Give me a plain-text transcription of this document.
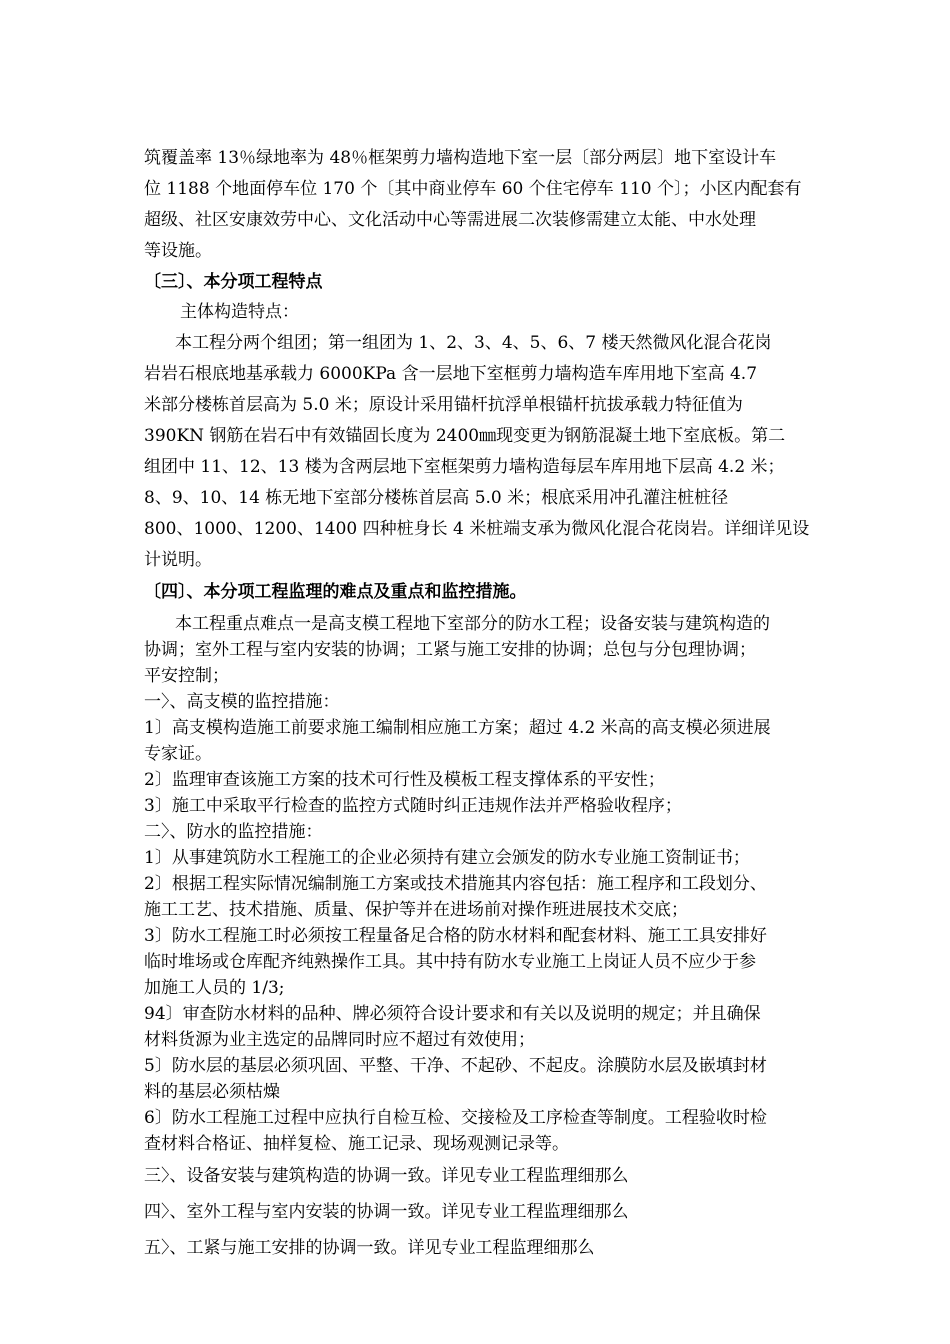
筑覆盖率 13％绿地率为 48％框架剪力墙构造地下室一层〔部分两层〕地下室设计车
位 1188 个地面停车位 170 个〔其中商业停车 60 个住宅停车 110 个〕；小区内配套有
超级、社区安康效劳中心、文化活动中心等需进展二次装修需建立太能、中水处理
等设施。
〔三〕、本分项工程特点
主体构造特点：
本工程分两个组团；第一组团为 1、2、3、4、5、6、7 楼天然微风化混合花岗
岩岩石根底地基承载力 6000KPa 含一层地下室框剪力墙构造车库用地下室高 4.7
米部分楼栋首层高为 5.0 米；原设计采用锚杆抗浮单根锚杆抗拔承载力特征值为
390KN 钢筋在岩石中有效锚固长度为 2400㎜现变更为钢筋混凝土地下室底板。第二
组团中 11、12、13 楼为含两层地下室框架剪力墙构造每层车库用地下层高 4.2 米；
8、9、10、14 栋无地下室部分楼栋首层高 5.0 米；根底采用冲孔灌注桩桩径
800、1000、1200、1400 四种桩身长 4 米桩端支承为微风化混合花岗岩。详细详见设
计说明。
〔四〕、本分项工程监理的难点及重点和监控措施。
本工程重点难点一是高支模工程地下室部分的防水工程；设备安装与建筑构造的
协调；室外工程与室内安装的协调；工紧与施工安排的协调；总包与分包理协调；
平安控制；
一〉、高支模的监控措施：
1〕高支模构造施工前要求施工编制相应施工方案；超过 4.2 米高的高支模必须进展
专家证。
2〕监理审查该施工方案的技术可行性及模板工程支撑体系的平安性；
3〕施工中采取平行检查的监控方式随时纠正违规作法并严格验收程序；
二〉、防水的监控措施：
1〕从事建筑防水工程施工的企业必须持有建立会颁发的防水专业施工资制证书；
2〕根据工程实际情况编制施工方案或技术措施其内容包括：施工程序和工段划分、
施工工艺、技术措施、质量、保护等并在进场前对操作班进展技术交底；
3〕防水工程施工时必须按工程量备足合格的防水材料和配套材料、施工工具安排好
临时堆场或仓库配齐纯熟操作工具。其中持有防水专业施工上岗证人员不应少于参
加施工人员的 1/3;
94〕审查防水材料的品种、牌必须符合设计要求和有关以及说明的规定；并且确保
材料货源为业主选定的品牌同时应不超过有效使用；
5〕防水层的基层必须巩固、平整、干净、不起砂、不起皮。涂膜防水层及嵌填封材
料的基层必须枯燥
6〕防水工程施工过程中应执行自检互检、交接检及工序检查等制度。工程验收时检
查材料合格证、抽样复检、施工记录、现场观测记录等。
三〉、设备安装与建筑构造的协调一致。详见专业工程监理细那么
四〉、室外工程与室内安装的协调一致。详见专业工程监理细那么
五〉、工紧与施工安排的协调一致。详见专业工程监理细那么
